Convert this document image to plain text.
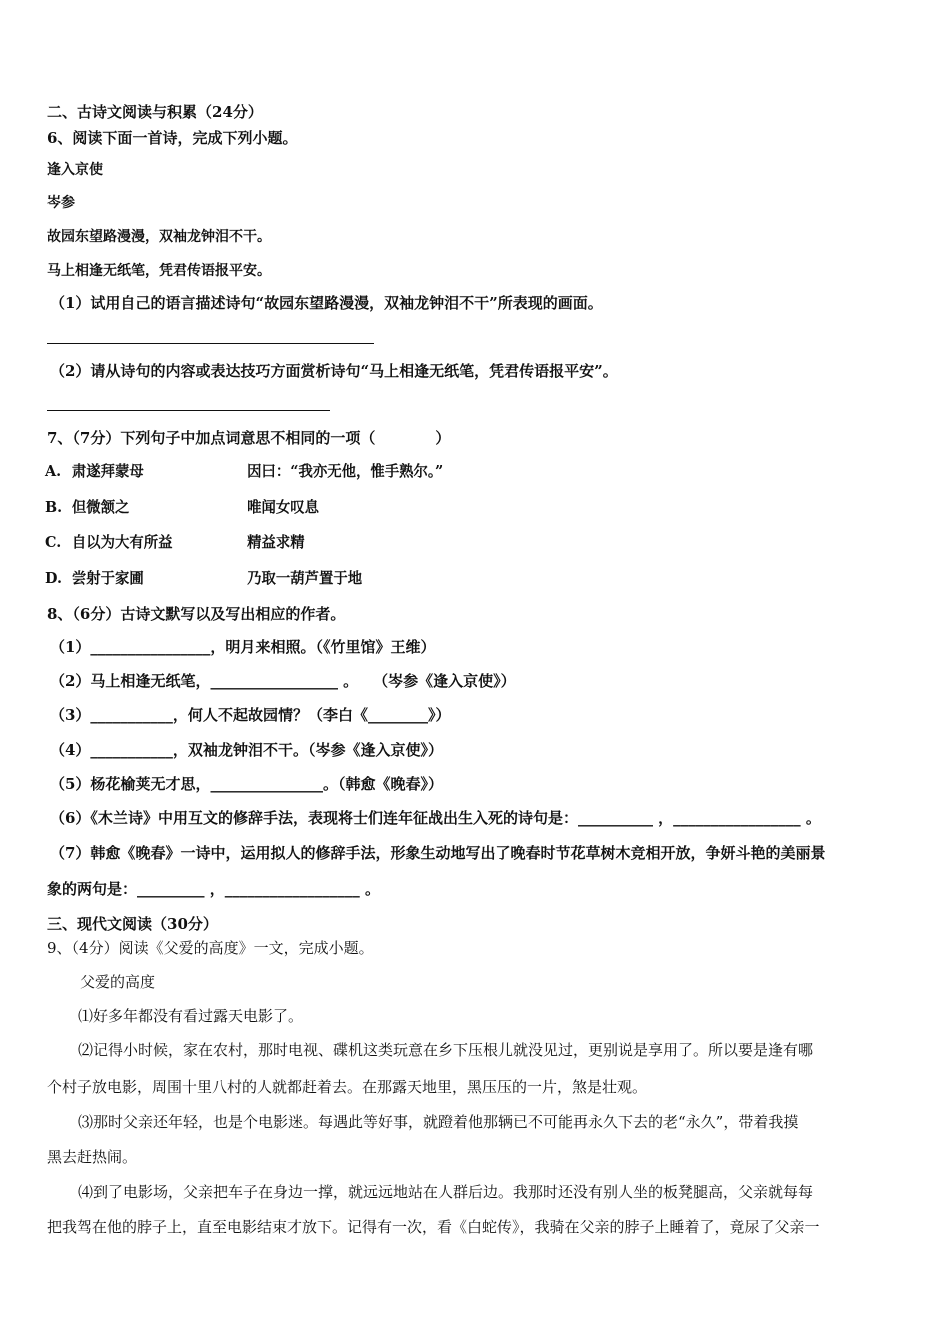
二、古诗文阅读与积累（24分）
6、阅读下面一首诗，完成下列小题。
逢入京使
岑参
故园东望路漫漫，双袖龙钟泪不干。
马上相逢无纸笔，凭君传语报平安。
（1）试用自己的语言描述诗句“故园东望路漫漫，双袖龙钟泪不干”所表现的画面。
（2）请从诗句的内容或表达技巧方面赏析诗句“马上相逢无纸笔，凭君传语报平安”。
7、（7分）下列句子中加点词意思不相同的一项（　　　　）
A. 肃遂拜蒙母	因曰：“我亦无他，惟手熟尔。”
B. 但微颔之	唯闻女叹息
C. 自以为大有所益	精益求精
D. 尝射于家圃	乃取一葫芦置于地
8、（6分）古诗文默写以及写出相应的作者。
（1）________________，明月来相照。（《竹里馆》王维）
（2）马上相逢无纸笔，_________________ 。　　（岑参《逢入京使》）
（3）___________，何人不起故园情？（李白《________》）
（4）___________，双袖龙钟泪不干。（岑参《逢入京使》）
（5）杨花榆荚无才思，_______________。（韩愈《晚春》）
（6）《木兰诗》中用互文的修辞手法，表现将士们连年征战出生入死的诗句是：__________ ，_________________ 。
（7）韩愈《晚春》一诗中，运用拟人的修辞手法，形象生动地写出了晚春时节花草树木竞相开放，争妍斗艳的美丽景
象的两句是：_________ ，__________________ 。
三、现代文阅读（30分）
9、（4分）阅读《父爱的高度》一文，完成小题。
父爱的高度
⑴好多年都没有看过露天电影了。
⑵记得小时候，家在农村，那时电视、碟机这类玩意在乡下压根儿就没见过，更别说是享用了。所以要是逢有哪
个村子放电影，周围十里八村的人就都赶着去。在那露天地里，黑压压的一片，煞是壮观。
⑶那时父亲还年轻，也是个电影迷。每遇此等好事，就蹬着他那辆已不可能再永久下去的老“永久”，带着我摸
黑去赶热闹。
⑷到了电影场，父亲把车子在身边一撑，就远远地站在人群后边。我那时还没有别人坐的板凳腿高，父亲就每每
把我驾在他的脖子上，直至电影结束才放下。记得有一次，看《白蛇传》，我骑在父亲的脖子上睡着了，竟尿了父亲一
